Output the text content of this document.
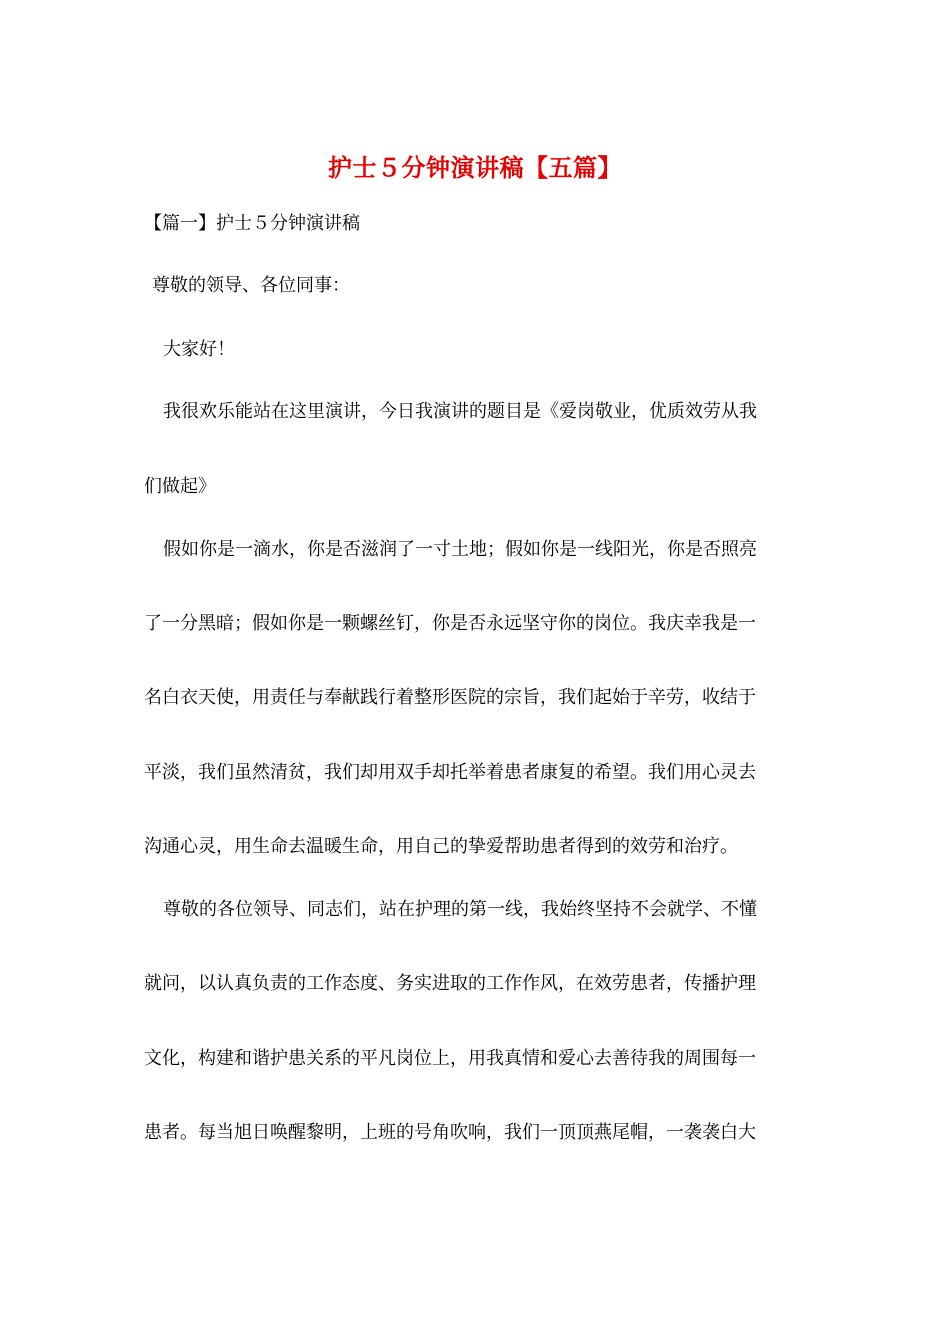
护士５分钟演讲稿【五篇】
【篇一】护士５分钟演讲稿
尊敬的领导、各位同事：
大家好！
我很欢乐能站在这里演讲，今日我演讲的题目是《爱岗敬业，优质效劳从我
们做起》
假如你是一滴水，你是否滋润了一寸土地；假如你是一线阳光，你是否照亮
了一分黑暗；假如你是一颗螺丝钉，你是否永远坚守你的岗位。我庆幸我是一
名白衣天使，用责任与奉献践行着整形医院的宗旨，我们起始于辛劳，收结于
平淡，我们虽然清贫，我们却用双手却托举着患者康复的希望。我们用心灵去
沟通心灵，用生命去温暖生命，用自己的挚爱帮助患者得到的效劳和治疗。
尊敬的各位领导、同志们，站在护理的第一线，我始终坚持不会就学、不懂
就问，以认真负责的工作态度、务实进取的工作作风，在效劳患者，传播护理
文化，构建和谐护患关系的平凡岗位上，用我真情和爱心去善待我的周围每一
患者。每当旭日唤醒黎明，上班的号角吹响，我们一顶顶燕尾帽，一袭袭白大
